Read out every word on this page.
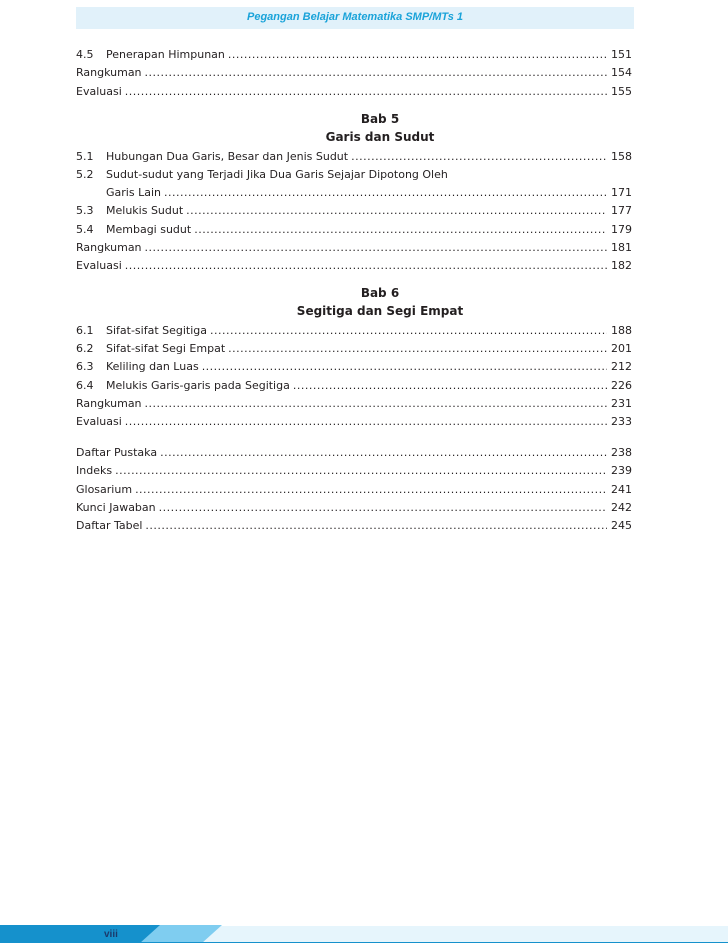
Pegangan Belajar Matematika SMP/MTs 1
4.5	Penerapan Himpunan .....	151
Rangkuman .....	154
Evaluasi .....	155
Bab 5
Garis dan Sudut
5.1	Hubungan Dua Garis, Besar dan Jenis Sudut .....	158
5.2	Sudut-sudut yang Terjadi Jika Dua Garis Sejajar Dipotong Oleh
Garis Lain .....	171
5.3	Melukis Sudut .....	177
5.4	Membagi sudut .....	179
Rangkuman .....	181
Evaluasi .....	182
Bab 6
Segitiga dan Segi Empat
6.1	Sifat-sifat Segitiga .....	188
6.2	Sifat-sifat Segi Empat .....	201
6.3	Keliling dan Luas .....	212
6.4	Melukis Garis-garis pada Segitiga .....	226
Rangkuman .....	231
Evaluasi .....	233
Daftar Pustaka .....	238
Indeks .....	239
Glosarium .....	241
Kunci Jawaban .....	242
Daftar Tabel .....	245
viii
